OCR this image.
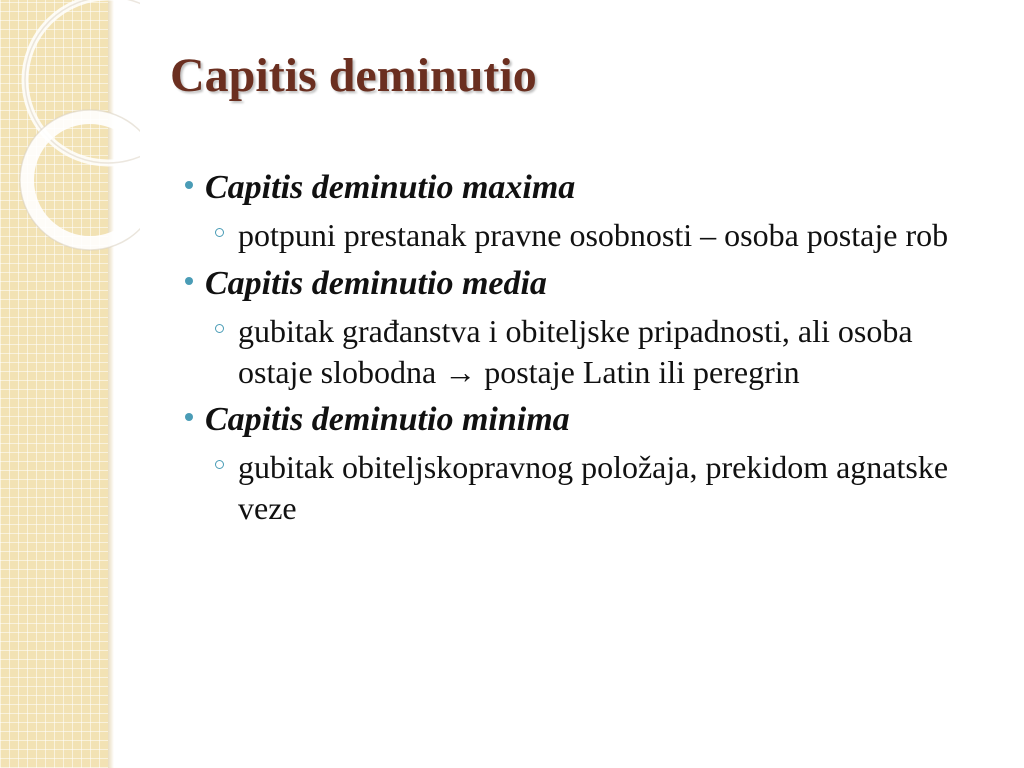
Capitis deminutio
Capitis deminutio maxima
potpuni prestanak pravne osobnosti – osoba postaje rob
Capitis deminutio media
gubitak građanstva i obiteljske pripadnosti, ali osoba ostaje slobodna → postaje Latin ili peregrin
Capitis deminutio minima
gubitak obiteljskopravnog položaja, prekidom agnatske veze
